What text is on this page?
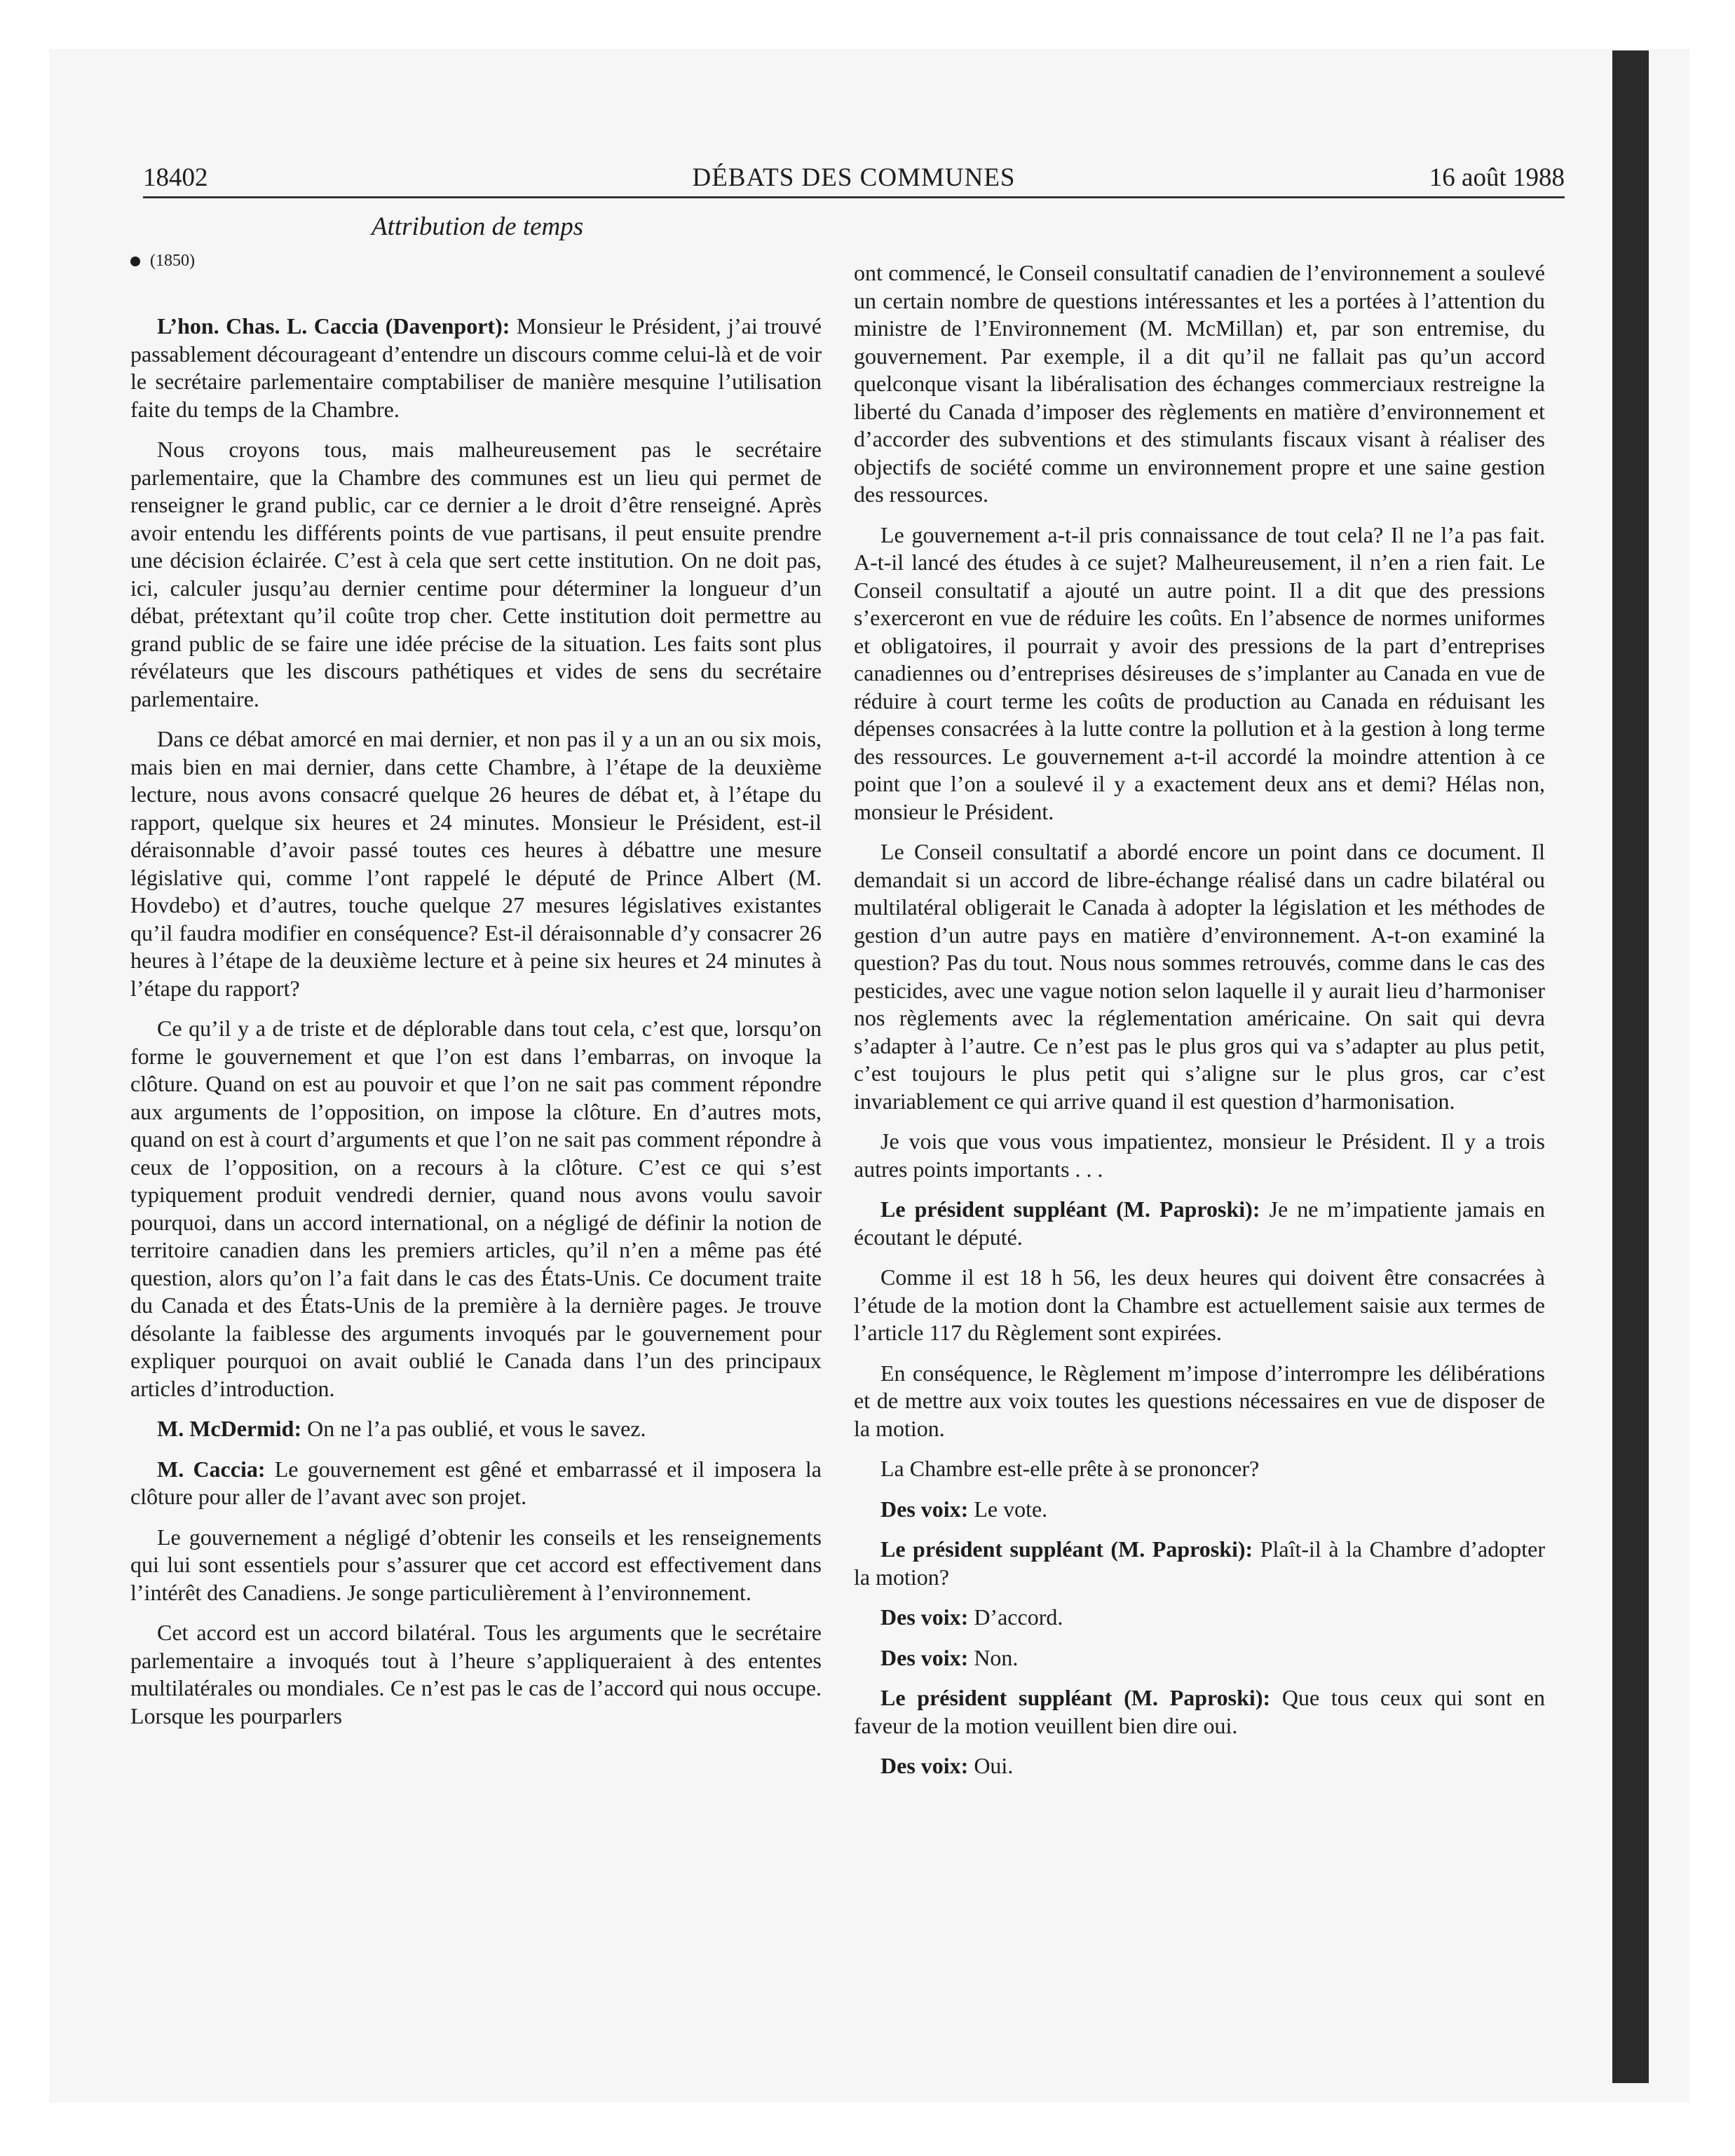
18402	DÉBATS DES COMMUNES	16 août 1988
Attribution de temps
(1850)

L’hon. Chas. L. Caccia (Davenport): Monsieur le Président, j’ai trouvé passablement décourageant d’entendre un discours comme celui-là et de voir le secrétaire parlementaire comptabiliser de manière mesquine l’utilisation faite du temps de la Chambre.

Nous croyons tous, mais malheureusement pas le secrétaire parlementaire, que la Chambre des communes est un lieu qui permet de renseigner le grand public, car ce dernier a le droit d’être renseigné. Après avoir entendu les différents points de vue partisans, il peut ensuite prendre une décision éclairée. C’est à cela que sert cette institution. On ne doit pas, ici, calculer jusqu’au dernier centime pour déterminer la longueur d’un débat, prétextant qu’il coûte trop cher. Cette institution doit permettre au grand public de se faire une idée précise de la situation. Les faits sont plus révélateurs que les discours pathétiques et vides de sens du secrétaire parlementaire.

Dans ce débat amorcé en mai dernier, et non pas il y a un an ou six mois, mais bien en mai dernier, dans cette Chambre, à l’étape de la deuxième lecture, nous avons consacré quelque 26 heures de débat et, à l’étape du rapport, quelque six heures et 24 minutes. Monsieur le Président, est-il déraisonnable d’avoir passé toutes ces heures à débattre une mesure législative qui, comme l’ont rappelé le député de Prince Albert (M. Hovdebo) et d’autres, touche quelque 27 mesures législatives existantes qu’il faudra modifier en conséquence? Est-il déraisonnable d’y consacrer 26 heures à l’étape de la deuxième lecture et à peine six heures et 24 minutes à l’étape du rapport?

Ce qu’il y a de triste et de déplorable dans tout cela, c’est que, lorsqu’on forme le gouvernement et que l’on est dans l’embarras, on invoque la clôture. Quand on est au pouvoir et que l’on ne sait pas comment répondre aux arguments de l’opposition, on impose la clôture. En d’autres mots, quand on est à court d’arguments et que l’on ne sait pas comment répondre à ceux de l’opposition, on a recours à la clôture. C’est ce qui s’est typiquement produit vendredi dernier, quand nous avons voulu savoir pourquoi, dans un accord international, on a négligé de définir la notion de territoire canadien dans les premiers articles, qu’il n’en a même pas été question, alors qu’on l’a fait dans le cas des États-Unis. Ce document traite du Canada et des États-Unis de la première à la dernière pages. Je trouve désolante la faiblesse des arguments invoqués par le gouvernement pour expliquer pourquoi on avait oublié le Canada dans l’un des principaux articles d’introduction.

M. McDermid: On ne l’a pas oublié, et vous le savez.

M. Caccia: Le gouvernement est gêné et embarrassé et il imposera la clôture pour aller de l’avant avec son projet.

Le gouvernement a négligé d’obtenir les conseils et les renseignements qui lui sont essentiels pour s’assurer que cet accord est effectivement dans l’intérêt des Canadiens. Je songe particulièrement à l’environnement.

Cet accord est un accord bilatéral. Tous les arguments que le secrétaire parlementaire a invoqués tout à l’heure s’appliqueraient à des ententes multilatérales ou mondiales. Ce n’est pas le cas de l’accord qui nous occupe. Lorsque les pourparlers

ont commencé, le Conseil consultatif canadien de l’environnement a soulevé un certain nombre de questions intéressantes et les a portées à l’attention du ministre de l’Environnement (M. McMillan) et, par son entremise, du gouvernement. Par exemple, il a dit qu’il ne fallait pas qu’un accord quelconque visant la libéralisation des échanges commerciaux restreigne la liberté du Canada d’imposer des règlements en matière d’environnement et d’accorder des subventions et des stimulants fiscaux visant à réaliser des objectifs de société comme un environnement propre et une saine gestion des ressources.

Le gouvernement a-t-il pris connaissance de tout cela? Il ne l’a pas fait. A-t-il lancé des études à ce sujet? Malheureusement, il n’en a rien fait. Le Conseil consultatif a ajouté un autre point. Il a dit que des pressions s’exerceront en vue de réduire les coûts. En l’absence de normes uniformes et obligatoires, il pourrait y avoir des pressions de la part d’entreprises canadiennes ou d’entreprises désireuses de s’implanter au Canada en vue de réduire à court terme les coûts de production au Canada en réduisant les dépenses consacrées à la lutte contre la pollution et à la gestion à long terme des ressources. Le gouvernement a-t-il accordé la moindre attention à ce point que l’on a soulevé il y a exactement deux ans et demi? Hélas non, monsieur le Président.

Le Conseil consultatif a abordé encore un point dans ce document. Il demandait si un accord de libre-échange réalisé dans un cadre bilatéral ou multilatéral obligerait le Canada à adopter la législation et les méthodes de gestion d’un autre pays en matière d’environnement. A-t-on examiné la question? Pas du tout. Nous nous sommes retrouvés, comme dans le cas des pesticides, avec une vague notion selon laquelle il y aurait lieu d’harmoniser nos règlements avec la réglementation américaine. On sait qui devra s’adapter à l’autre. Ce n’est pas le plus gros qui va s’adapter au plus petit, c’est toujours le plus petit qui s’aligne sur le plus gros, car c’est invariablement ce qui arrive quand il est question d’harmonisation.

Je vois que vous vous impatientez, monsieur le Président. Il y a trois autres points importants . . .

Le président suppléant (M. Paproski): Je ne m’impatiente jamais en écoutant le député.

Comme il est 18 h 56, les deux heures qui doivent être consacrées à l’étude de la motion dont la Chambre est actuellement saisie aux termes de l’article 117 du Règlement sont expirées.

En conséquence, le Règlement m’impose d’interrompre les délibérations et de mettre aux voix toutes les questions nécessaires en vue de disposer de la motion.

La Chambre est-elle prête à se prononcer?

Des voix: Le vote.

Le président suppléant (M. Paproski): Plaît-il à la Chambre d’adopter la motion?

Des voix: D’accord.

Des voix: Non.

Le président suppléant (M. Paproski): Que tous ceux qui sont en faveur de la motion veuillent bien dire oui.

Des voix: Oui.
